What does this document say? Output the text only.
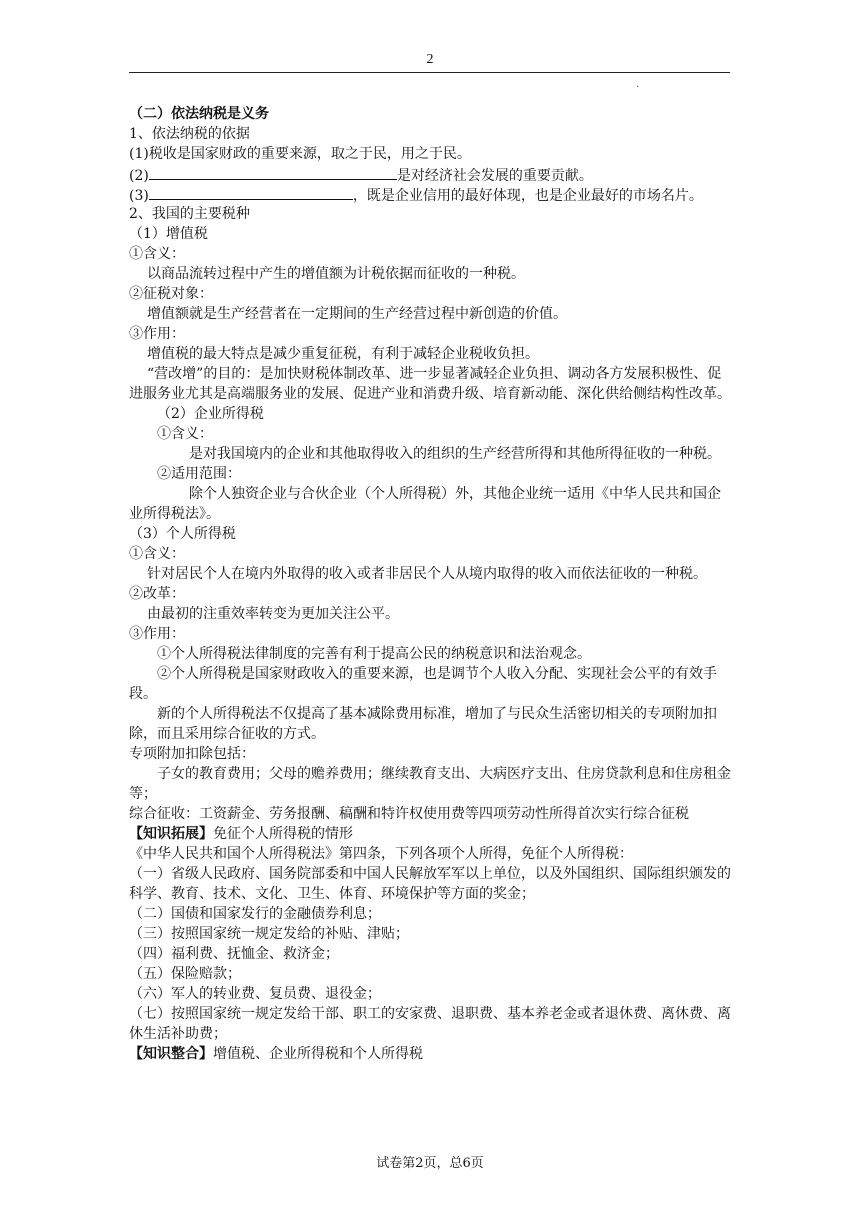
2
·
（二）依法纳税是义务
1、依法纳税的依据
(1)税收是国家财政的重要来源，取之于民，用之于民。
(2)	是对经济社会发展的重要贡献。
(3)	，既是企业信用的最好体现，也是企业最好的市场名片。
2、我国的主要税种
（1）增值税
①含义：
以商品流转过程中产生的增值额为计税依据而征收的一种税。
②征税对象：
增值额就是生产经营者在一定期间的生产经营过程中新创造的价值。
③作用：
增值税的最大特点是减少重复征税，有利于减轻企业税收负担。
“营改增”的目的：是加快财税体制改革、进一步显著减轻企业负担、调动各方发展积极性、促进服务业尤其是高端服务业的发展、促进产业和消费升级、培育新动能、深化供给侧结构性改革。
（2）企业所得税
①含义：
是对我国境内的企业和其他取得收入的组织的生产经营所得和其他所得征收的一种税。
②适用范围：
除个人独资企业与合伙企业（个人所得税）外，其他企业统一适用《中华人民共和国企业所得税法》。
（3）个人所得税
①含义：
针对居民个人在境内外取得的收入或者非居民个人从境内取得的收入而依法征收的一种税。
②改革：
由最初的注重效率转变为更加关注公平。
③作用：
①个人所得税法律制度的完善有利于提高公民的纳税意识和法治观念。
②个人所得税是国家财政收入的重要来源，也是调节个人收入分配、实现社会公平的有效手段。
新的个人所得税法不仅提高了基本减除费用标准，增加了与民众生活密切相关的专项附加扣除，而且采用综合征收的方式。
专项附加扣除包括：
子女的教育费用；父母的赡养费用；继续教育支出、大病医疗支出、住房贷款利息和住房租金等；
综合征收：工资薪金、劳务报酬、稿酬和特许权使用费等四项劳动性所得首次实行综合征税
【知识拓展】免征个人所得税的情形
《中华人民共和国个人所得税法》第四条，下列各项个人所得，免征个人所得税：
（一）省级人民政府、国务院部委和中国人民解放军军以上单位，以及外国组织、国际组织颁发的科学、教育、技术、文化、卫生、体育、环境保护等方面的奖金；
（二）国债和国家发行的金融债券利息；
（三）按照国家统一规定发给的补贴、津贴；
（四）福利费、抚恤金、救济金；
（五）保险赔款；
（六）军人的转业费、复员费、退役金；
（七）按照国家统一规定发给干部、职工的安家费、退职费、基本养老金或者退休费、离休费、离休生活补助费；
【知识整合】增值税、企业所得税和个人所得税
试卷第2页，总6页
